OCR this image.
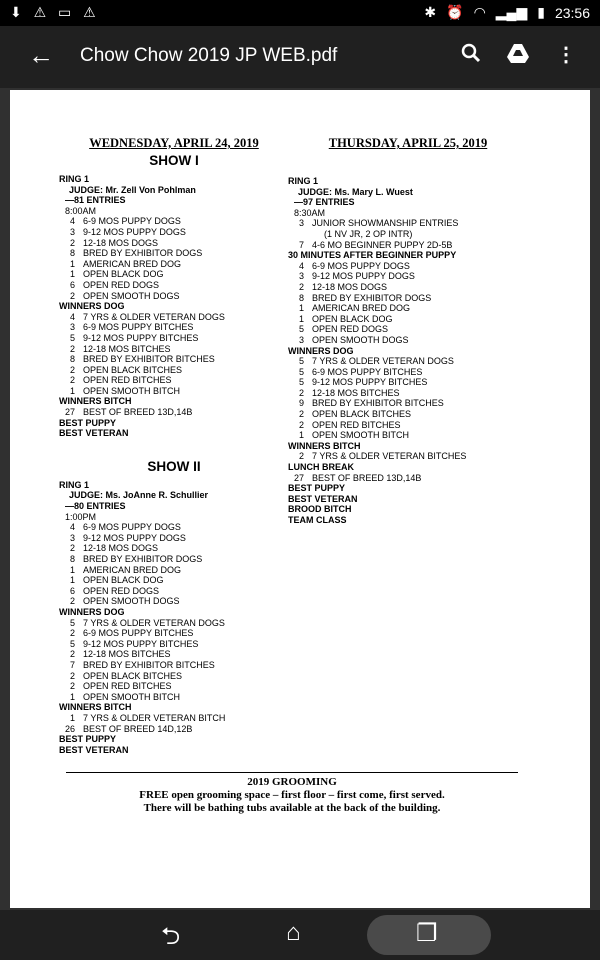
⬇ ⚠ ▭ ⚠	✱ ⏰ ◠ ▂▄▆ ▮ 23:56
← Chow Chow 2019 JP WEB.pdf	⋮
WEDNESDAY, APRIL 24, 2019
SHOW I
RING 1
JUDGE: Mr. Zell Von Pohlman
—81 ENTRIES
8:00AM
4 6-9 MOS PUPPY DOGS
3 9-12 MOS PUPPY DOGS
2 12-18 MOS DOGS
8 BRED BY EXHIBITOR DOGS
1 AMERICAN BRED DOG
1 OPEN BLACK DOG
6 OPEN RED DOGS
2 OPEN SMOOTH DOGS
WINNERS DOG
4 7 YRS & OLDER VETERAN DOGS
3 6-9 MOS PUPPY BITCHES
5 9-12 MOS PUPPY BITCHES
2 12-18 MOS BITCHES
8 BRED BY EXHIBITOR BITCHES
2 OPEN BLACK BITCHES
2 OPEN RED BITCHES
1 OPEN SMOOTH BITCH
WINNERS BITCH
27 BEST OF BREED 13D,14B
BEST PUPPY
BEST VETERAN
SHOW II
RING 1
JUDGE: Ms. JoAnne R. Schullier
—80 ENTRIES
1:00PM
4 6-9 MOS PUPPY DOGS
3 9-12 MOS PUPPY DOGS
2 12-18 MOS DOGS
8 BRED BY EXHIBITOR DOGS
1 AMERICAN BRED DOG
1 OPEN BLACK DOG
6 OPEN RED DOGS
2 OPEN SMOOTH DOGS
WINNERS DOG
5 7 YRS & OLDER VETERAN DOGS
2 6-9 MOS PUPPY BITCHES
5 9-12 MOS PUPPY BITCHES
2 12-18 MOS BITCHES
7 BRED BY EXHIBITOR BITCHES
2 OPEN BLACK BITCHES
2 OPEN RED BITCHES
1 OPEN SMOOTH BITCH
WINNERS BITCH
1 7 YRS & OLDER VETERAN BITCH
26 BEST OF BREED 14D,12B
BEST PUPPY
BEST VETERAN
THURSDAY, APRIL 25, 2019
RING 1
JUDGE: Ms. Mary L. Wuest
—97 ENTRIES
8:30AM
3 JUNIOR SHOWMANSHIP ENTRIES
(1 NV JR, 2 OP INTR)
7 4-6 MO BEGINNER PUPPY 2D-5B
30 MINUTES AFTER BEGINNER PUPPY
4 6-9 MOS PUPPY DOGS
3 9-12 MOS PUPPY DOGS
2 12-18 MOS DOGS
8 BRED BY EXHIBITOR DOGS
1 AMERICAN BRED DOG
1 OPEN BLACK DOG
5 OPEN RED DOGS
3 OPEN SMOOTH DOGS
WINNERS DOG
5 7 YRS & OLDER VETERAN DOGS
5 6-9 MOS PUPPY BITCHES
5 9-12 MOS PUPPY BITCHES
2 12-18 MOS BITCHES
9 BRED BY EXHIBITOR BITCHES
2 OPEN BLACK BITCHES
2 OPEN RED BITCHES
1 OPEN SMOOTH BITCH
WINNERS BITCH
2 7 YRS & OLDER VETERAN BITCHES
LUNCH BREAK
27 BEST OF BREED 13D,14B
BEST PUPPY
BEST VETERAN
BROOD BITCH
TEAM CLASS
2019 GROOMING
FREE open grooming space – first floor – first come, first served.
There will be bathing tubs available at the back of the building.
⮌	⌂	❐
